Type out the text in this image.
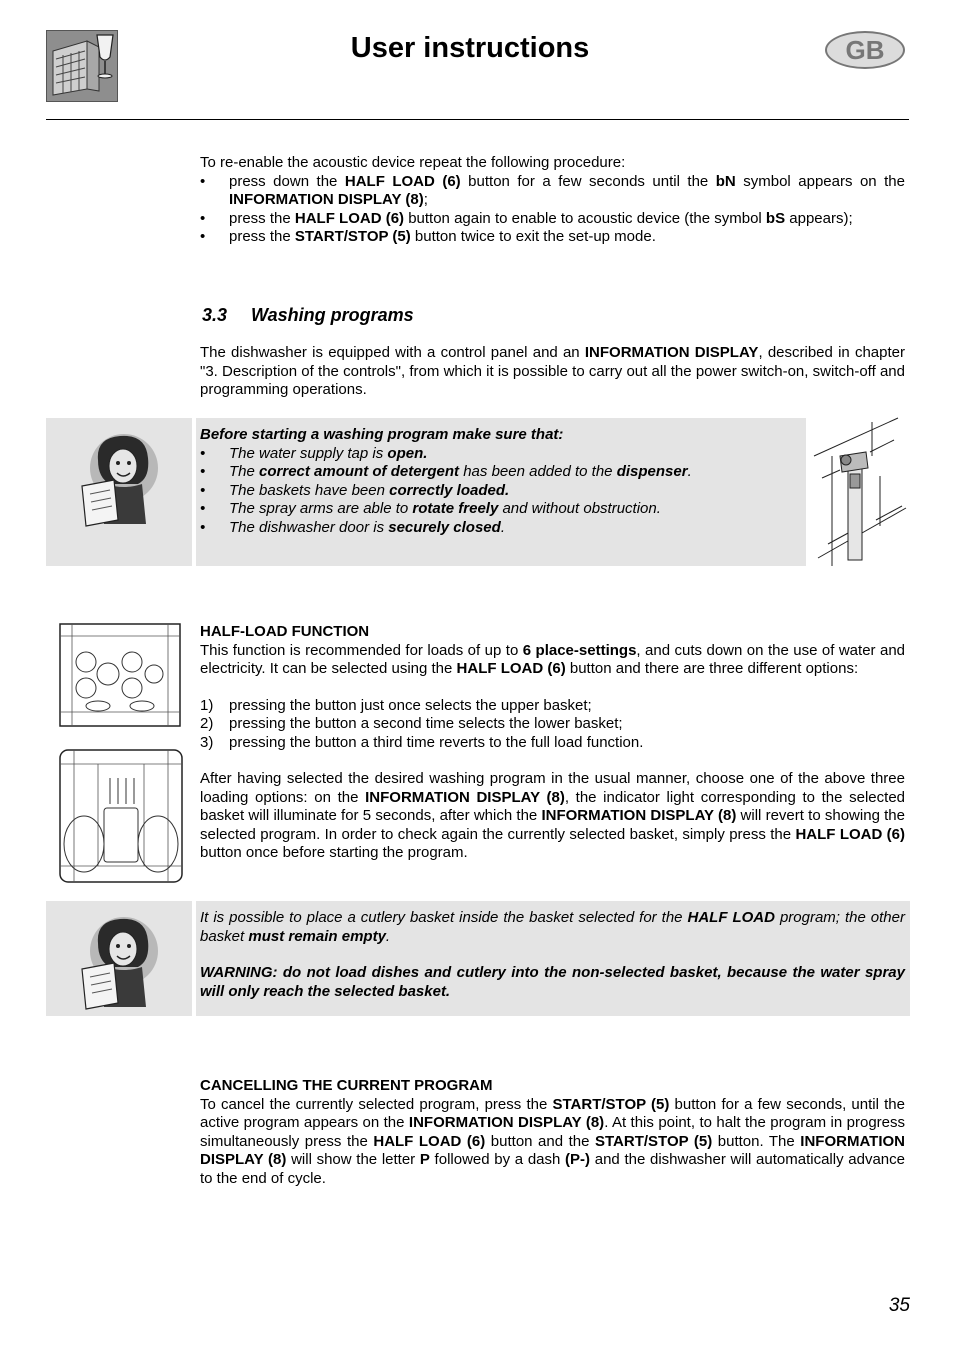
User instructions	GB

To re-enable the acoustic device repeat the following procedure:

• press down the HALF LOAD (6) button for a few seconds until the bN symbol appears on the INFORMATION DISPLAY (8);
• press the HALF LOAD (6) button again to enable to acoustic device (the symbol bS appears);
• press the START/STOP (5) button twice to exit the set-up mode.
3.3 Washing programs
The dishwasher is equipped with a control panel and an INFORMATION DISPLAY, described in chapter "3. Description of the controls", from which it is possible to carry out all the power switch-on, switch-off and programming operations.

Before starting a washing program make sure that:

• The water supply tap is open.
• The correct amount of detergent has been added to the dispenser.
• The baskets have been correctly loaded.
• The spray arms are able to rotate freely and without obstruction.
• The dishwasher door is securely closed.

HALF-LOAD FUNCTION

This function is recommended for loads of up to 6 place-settings, and cuts down on the use of water and electricity. It can be selected using the HALF LOAD (6) button and there are three different options:

1) pressing the button just once selects the upper basket;
2) pressing the button a second time selects the lower basket;
3) pressing the button a third time reverts to the full load function.

After having selected the desired washing program in the usual manner, choose one of the above three loading options: on the INFORMATION DISPLAY (8), the indicator light corresponding to the selected basket will illuminate for 5 seconds, after which the INFORMATION DISPLAY (8) will revert to showing the selected program. In order to check again the currently selected basket, simply press the HALF LOAD (6) button once before starting the program.

It is possible to place a cutlery basket inside the basket selected for the HALF LOAD program; the other basket must remain empty.

WARNING: do not load dishes and cutlery into the non-selected basket, because the water spray will only reach the selected basket.

CANCELLING THE CURRENT PROGRAM

To cancel the currently selected program, press the START/STOP (5) button for a few seconds, until the active program appears on the INFORMATION DISPLAY (8). At this point, to halt the program in progress simultaneously press the HALF LOAD (6) button and the START/STOP (5) button. The INFORMATION DISPLAY (8) will show the letter P followed by a dash (P-) and the dishwasher will automatically advance to the end of cycle.

35
